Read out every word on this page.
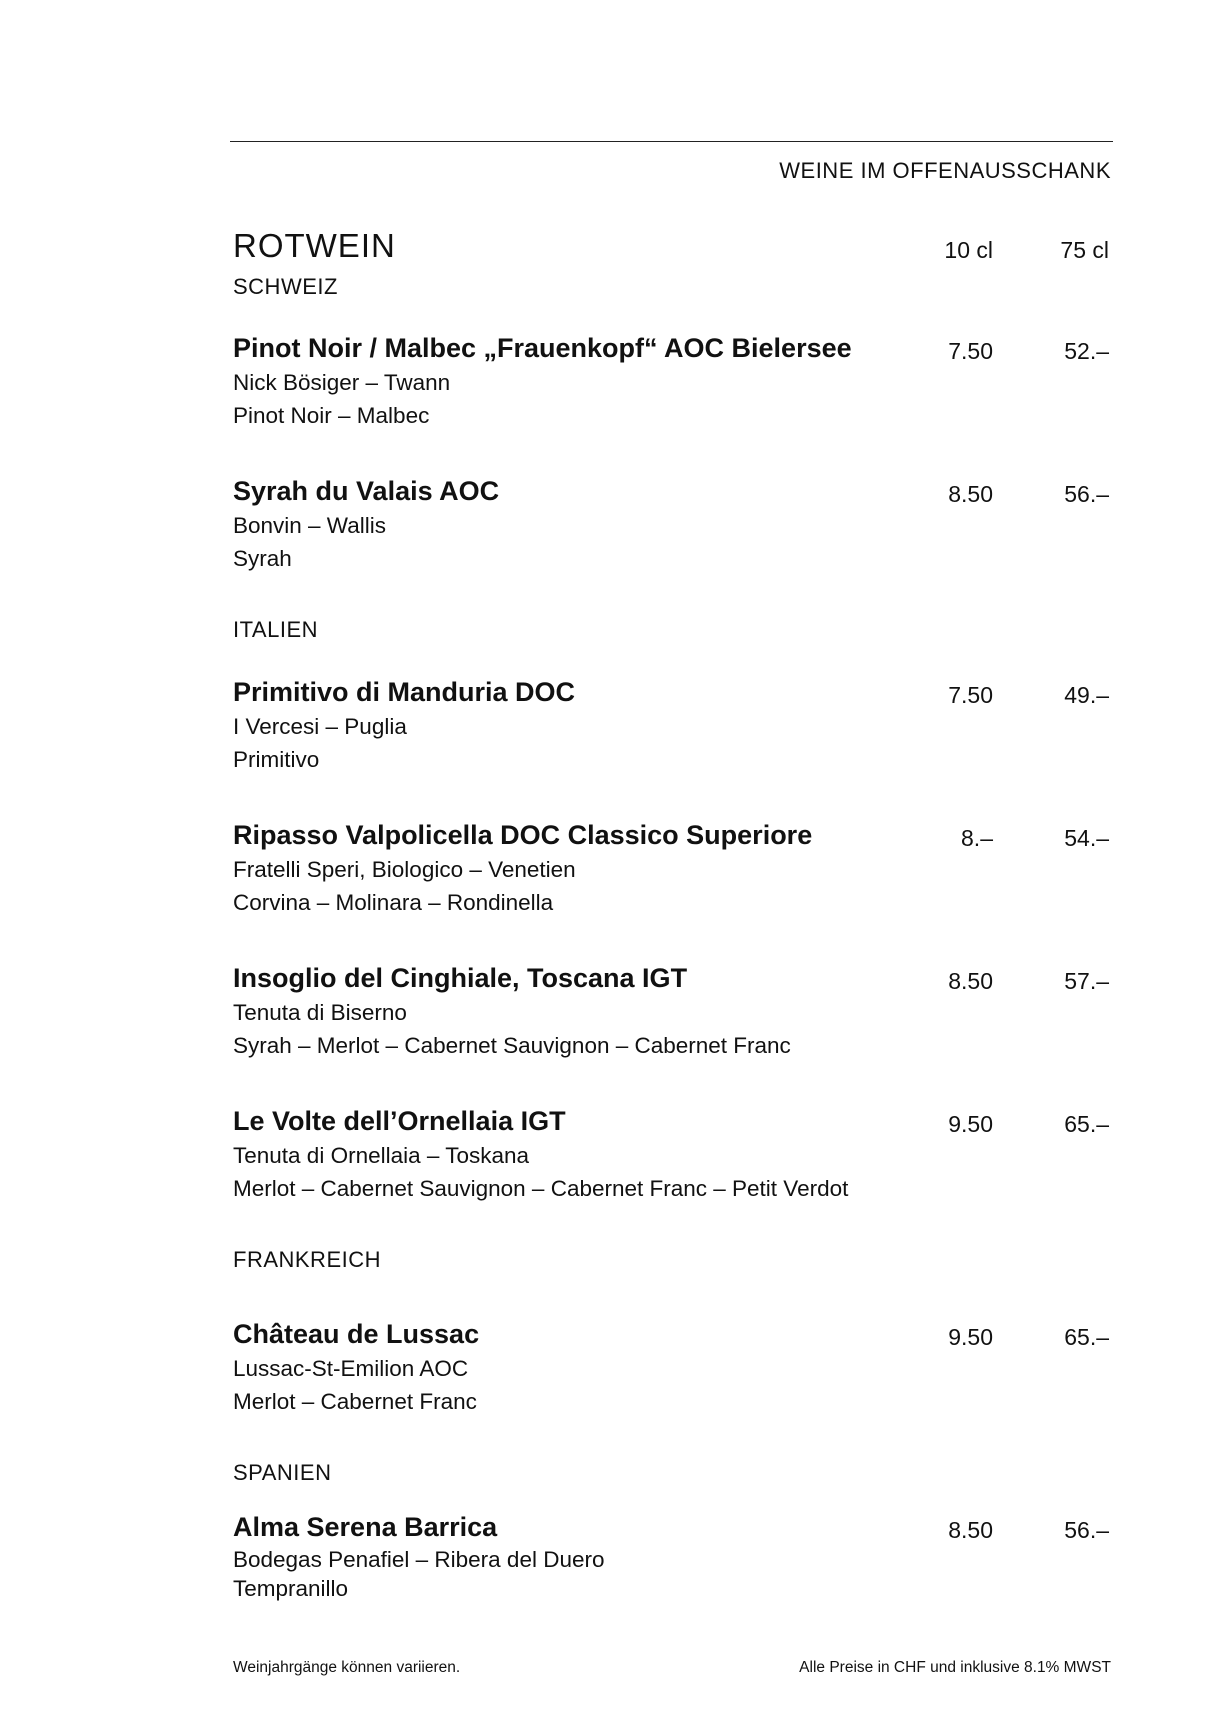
WEINE IM OFFENAUSSCHANK
ROTWEIN	10 cl	75 cl
SCHWEIZ
Pinot Noir / Malbec „Frauenkopf“ AOC Bielersee	7.50	52.–
Nick Bösiger – Twann
Pinot Noir – Malbec
Syrah du Valais AOC	8.50	56.–
Bonvin – Wallis
Syrah
ITALIEN
Primitivo di Manduria DOC	7.50	49.–
I Vercesi – Puglia
Primitivo
Ripasso Valpolicella DOC Classico Superiore	8.–	54.–
Fratelli Speri, Biologico – Venetien
Corvina – Molinara – Rondinella
Insoglio del Cinghiale, Toscana IGT	8.50	57.–
Tenuta di Biserno
Syrah – Merlot – Cabernet Sauvignon – Cabernet Franc
Le Volte dell’Ornellaia IGT	9.50	65.–
Tenuta di Ornellaia – Toskana
Merlot – Cabernet Sauvignon – Cabernet Franc – Petit Verdot
FRANKREICH
Château de Lussac	9.50	65.–
Lussac-St-Emilion AOC
Merlot – Cabernet Franc
SPANIEN
Alma Serena Barrica	8.50	56.–
Bodegas Penafiel – Ribera del Duero
Tempranillo
Weinjahrgänge können variieren.	Alle Preise in CHF und inklusive 8.1% MWST
